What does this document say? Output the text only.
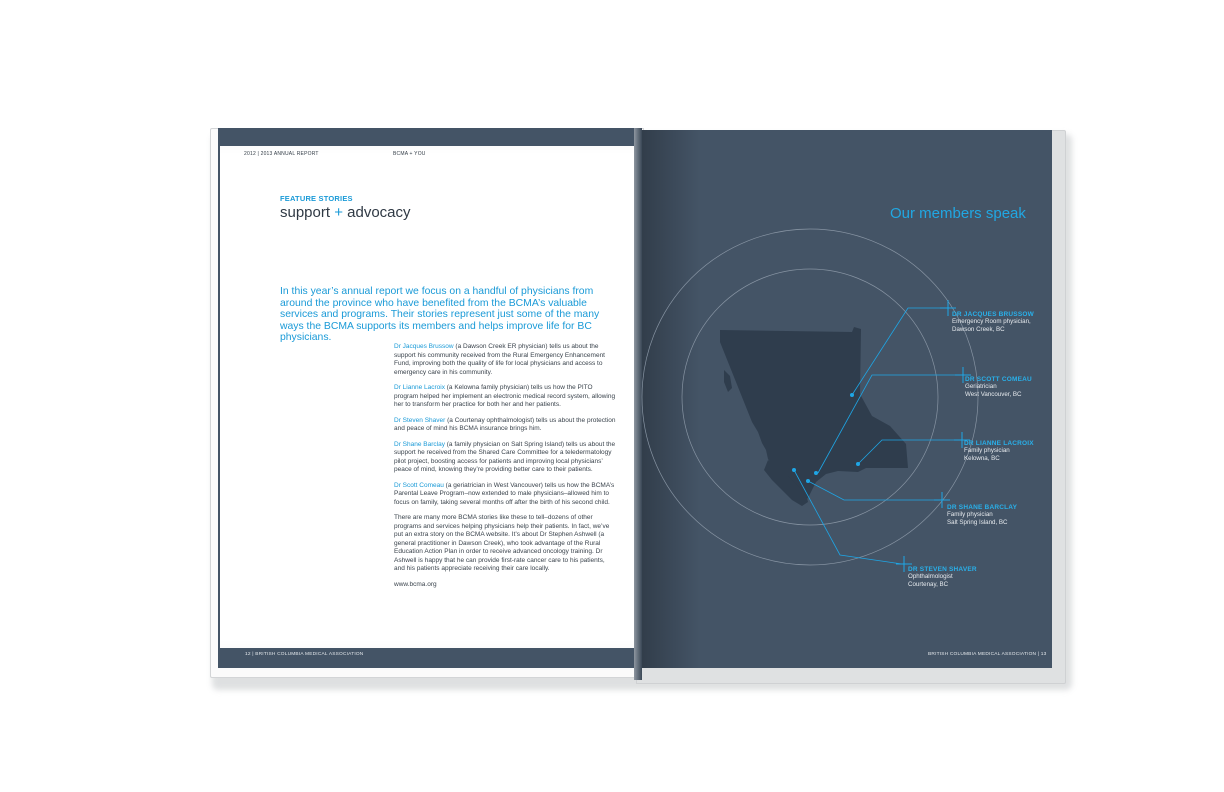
2012 | 2013 ANNUAL REPORT	BCMA + YOU
FEATURE STORIES
support + advocacy
In this year’s annual report we focus on a handful of physicians from around the province who have benefited from the BCMA’s valuable services and programs. Their stories represent just some of the many ways the BCMA supports its members and helps improve life for BC physicians.

Dr Jacques Brussow (a Dawson Creek ER physician) tells us about the support his community received from the Rural Emergency Enhancement Fund, improving both the quality of life for local physicians and access to emergency care in his community.

Dr Lianne Lacroix (a Kelowna family physician) tells us how the PITO program helped her implement an electronic medical record system, allowing her to transform her practice for both her and her patients.

Dr Steven Shaver (a Courtenay ophthalmologist) tells us about the protection and peace of mind his BCMA insurance brings him.

Dr Shane Barclay (a family physician on Salt Spring Island) tells us about the support he received from the Shared Care Committee for a teledermatology pilot project, boosting access for patients and improving local physicians’ peace of mind, knowing they’re providing better care to their patients.

Dr Scott Comeau (a geriatrician in West Vancouver) tells us how the BCMA’s Parental Leave Program–now extended to male physicians–allowed him to focus on family, taking several months off after the birth of his second child.

There are many more BCMA stories like these to tell–dozens of other programs and services helping physicians help their patients. In fact, we’ve put an extra story on the BCMA website. It’s about Dr Stephen Ashwell (a general practitioner in Dawson Creek), who took advantage of the Rural Education Action Plan in order to receive advanced oncology training. Dr Ashwell is happy that he can provide first-rate cancer care to his patients, and his patients appreciate receiving their care locally.

www.bcma.org

12 | BRITISH COLUMBIA MEDICAL ASSOCIATION	BRITISH COLUMBIA MEDICAL ASSOCIATION | 13
Our members speak
DR JACQUES BRUSSOW
Emergency Room physician,
Dawson Creek, BC
DR SCOTT COMEAU
Geriatrician
West Vancouver, BC
DR LIANNE LACROIX
Family physician
Kelowna, BC
DR SHANE BARCLAY
Family physician
Salt Spring Island, BC
DR STEVEN SHAVER
Ophthalmologist
Courtenay, BC
